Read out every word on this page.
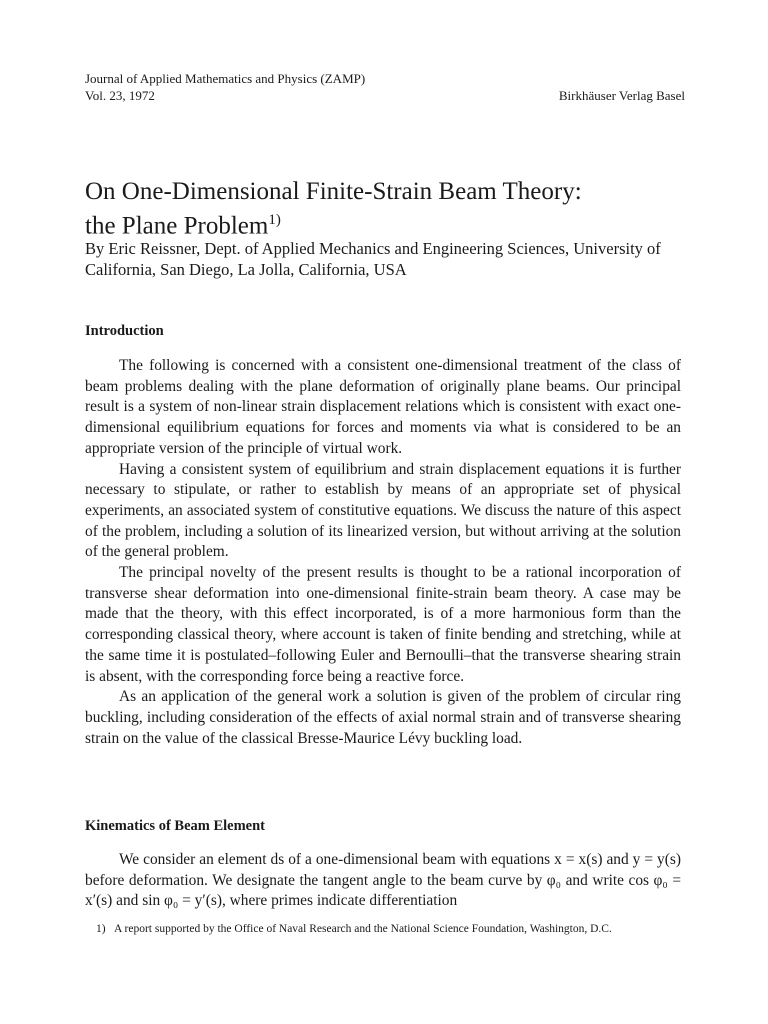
Journal of Applied Mathematics and Physics (ZAMP)
Vol. 23, 1972	Birkhäuser Verlag Basel
On One-Dimensional Finite-Strain Beam Theory:
the Plane Problem$^{1)}$
By Eric Reissner, Dept. of Applied Mechanics and Engineering Sciences, University of California, San Diego, La Jolla, California, USA
Introduction

The following is concerned with a consistent one-dimensional treatment of the class of beam problems dealing with the plane deformation of originally plane beams. Our principal result is a system of non-linear strain displacement relations which is consistent with exact one-dimensional equilibrium equations for forces and moments via what is considered to be an appropriate version of the principle of virtual work.

Having a consistent system of equilibrium and strain displacement equations it is further necessary to stipulate, or rather to establish by means of an appropriate set of physical experiments, an associated system of constitutive equations. We discuss the nature of this aspect of the problem, including a solution of its linearized version, but without arriving at the solution of the general problem.

The principal novelty of the present results is thought to be a rational incorporation of transverse shear deformation into one-dimensional finite-strain beam theory. A case may be made that the theory, with this effect incorporated, is of a more harmonious form than the corresponding classical theory, where account is taken of finite bending and stretching, while at the same time it is postulated–following Euler and Bernoulli–that the transverse shearing strain is absent, with the corresponding force being a reactive force.

As an application of the general work a solution is given of the problem of circular ring buckling, including consideration of the effects of axial normal strain and of transverse shearing strain on the value of the classical Bresse-Maurice Lévy buckling load.

Kinematics of Beam Element

We consider an element ds of a one-dimensional beam with equations x = x(s) and y = y(s) before deformation. We designate the tangent angle to the beam curve by φ₀ and write cos φ₀ = x′(s) and sin φ₀ = y′(s), where primes indicate differentiation

1) A report supported by the Office of Naval Research and the National Science Foundation, Washington, D.C.
